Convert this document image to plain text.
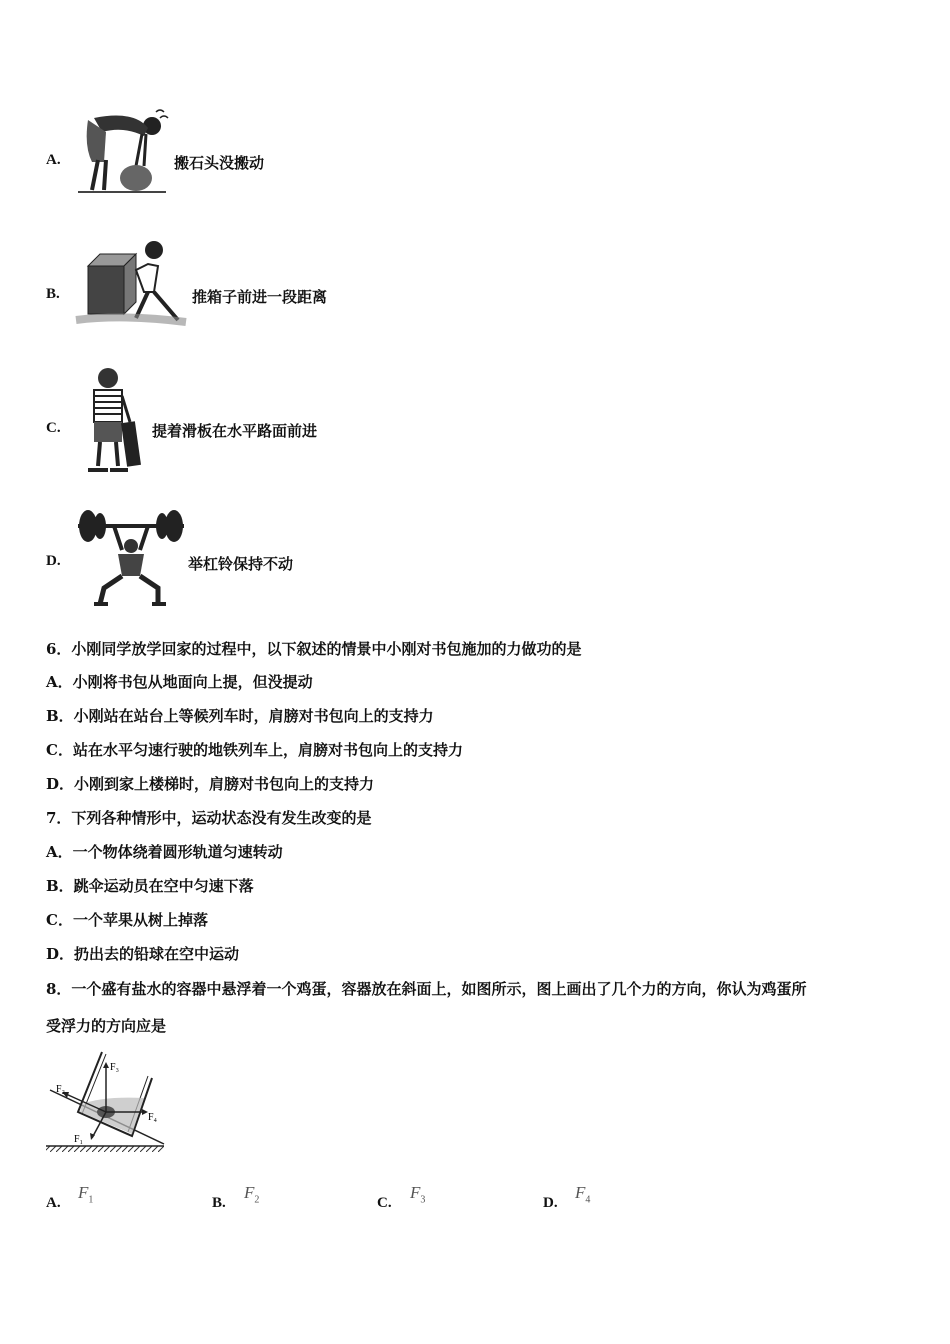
A.	搬石头没搬动
B.	推箱子前进一段距离
C.	提着滑板在水平路面前进
D.	举杠铃保持不动
6．小刚同学放学回家的过程中，以下叙述的情景中小刚对书包施加的力做功的是
A．小刚将书包从地面向上提，但没提动
B．小刚站在站台上等候列车时，肩膀对书包向上的支持力
C．站在水平匀速行驶的地铁列车上，肩膀对书包向上的支持力
D．小刚到家上楼梯时，肩膀对书包向上的支持力
7．下列各种情形中，运动状态没有发生改变的是
A．一个物体绕着圆形轨道匀速转动
B．跳伞运动员在空中匀速下落
C．一个苹果从树上掉落
D．扔出去的铅球在空中运动
8．一个盛有盐水的容器中悬浮着一个鸡蛋，容器放在斜面上，如图所示，图上画出了几个力的方向，你认为鸡蛋所
受浮力的方向应是
F₃
F₂
F₄
F₁
A.
$F_1$	B.
$F_2$	C.
$F_3$	D.
$F_4$
